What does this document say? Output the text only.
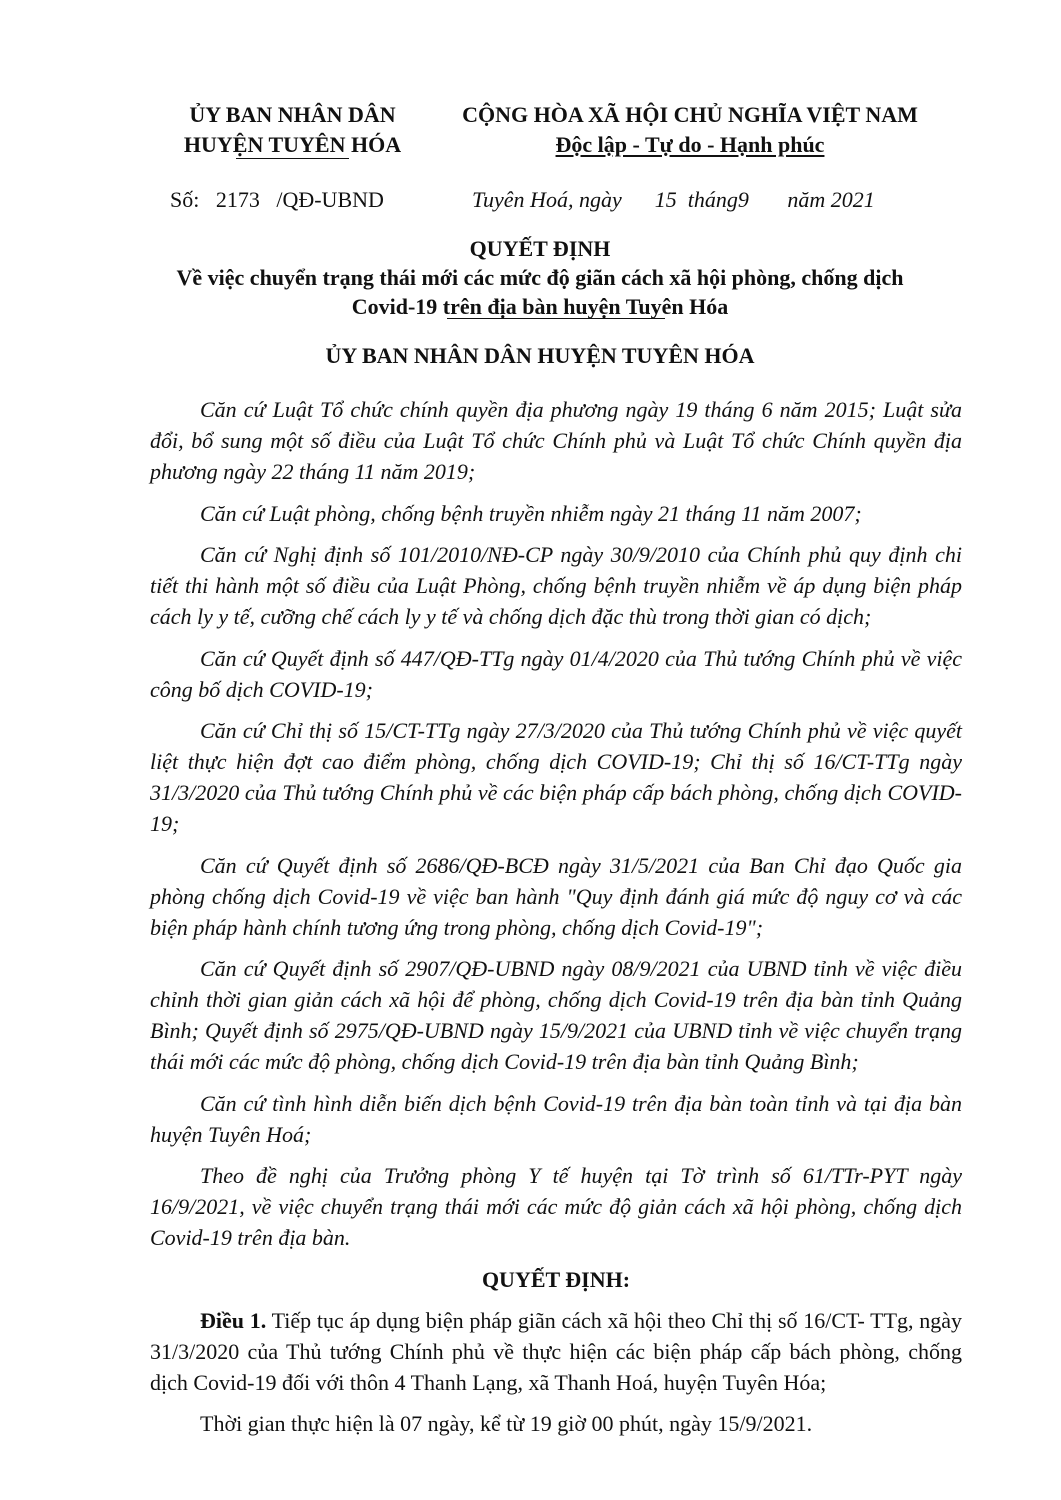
ỦY BAN NHÂN DÂN
HUYỆN TUYÊN HÓA
CỘNG HÒA XÃ HỘI CHỦ NGHĨA VIỆT NAM
Độc lập - Tự do - Hạnh phúc
Số:   2173   /QĐ-UBND	Tuyên Hoá, ngày      15  tháng9       năm 2021
QUYẾT ĐỊNH
Về việc chuyển trạng thái mới các mức độ giãn cách xã hội phòng, chống dịch
Covid-19 trên địa bàn huyện Tuyên Hóa
ỦY BAN NHÂN DÂN HUYỆN TUYÊN HÓA

Căn cứ Luật Tổ chức chính quyền địa phương ngày 19 tháng 6 năm 2015; Luật sửa đổi, bổ sung một số điều của Luật Tổ chức Chính phủ và Luật Tổ chức Chính quyền địa phương ngày 22 tháng 11 năm 2019;

Căn cứ Luật phòng, chống bệnh truyền nhiễm ngày 21 tháng 11 năm 2007;

Căn cứ Nghị định số 101/2010/NĐ-CP ngày 30/9/2010 của Chính phủ quy định chi tiết thi hành một số điều của Luật Phòng, chống bệnh truyền nhiễm về áp dụng biện pháp cách ly y tế, cưỡng chế cách ly y tế và chống dịch đặc thù trong thời gian có dịch;

Căn cứ Quyết định số 447/QĐ-TTg ngày 01/4/2020 của Thủ tướng Chính phủ về việc công bố dịch COVID-19;

Căn cứ Chỉ thị số 15/CT-TTg ngày 27/3/2020 của Thủ tướng Chính phủ về việc quyết liệt thực hiện đợt cao điểm phòng, chống dịch COVID-19; Chỉ thị số 16/CT-TTg ngày 31/3/2020 của Thủ tướng Chính phủ về các biện pháp cấp bách phòng, chống dịch COVID-19;

Căn cứ Quyết định số 2686/QĐ-BCĐ ngày 31/5/2021 của Ban Chỉ đạo Quốc gia phòng chống dịch Covid-19 về việc ban hành "Quy định đánh giá mức độ nguy cơ và các biện pháp hành chính tương ứng trong phòng, chống dịch Covid-19";

Căn cứ Quyết định số 2907/QĐ-UBND ngày 08/9/2021 của UBND tỉnh về việc điều chỉnh thời gian giản cách xã hội để phòng, chống dịch Covid-19 trên địa bàn tỉnh Quảng Bình; Quyết định số 2975/QĐ-UBND ngày 15/9/2021 của UBND tỉnh về việc chuyển trạng thái mới các mức độ phòng, chống dịch Covid-19 trên địa bàn tỉnh Quảng Bình;

Căn cứ tình hình diễn biến dịch bệnh Covid-19 trên địa bàn toàn tỉnh và tại địa bàn huyện Tuyên Hoá;

Theo đề nghị của Trưởng phòng Y tế huyện tại Tờ trình số 61/TTr-PYT ngày 16/9/2021, về việc chuyển trạng thái mới các mức độ giản cách xã hội phòng, chống dịch Covid-19 trên địa bàn.

QUYẾT ĐỊNH:

Điều 1. Tiếp tục áp dụng biện pháp giãn cách xã hội theo Chỉ thị số 16/CT- TTg, ngày 31/3/2020 của Thủ tướng Chính phủ về thực hiện các biện pháp cấp bách phòng, chống dịch Covid-19 đối với thôn 4 Thanh Lạng, xã Thanh Hoá, huyện Tuyên Hóa;

Thời gian thực hiện là 07 ngày, kể từ 19 giờ 00 phút, ngày 15/9/2021.
